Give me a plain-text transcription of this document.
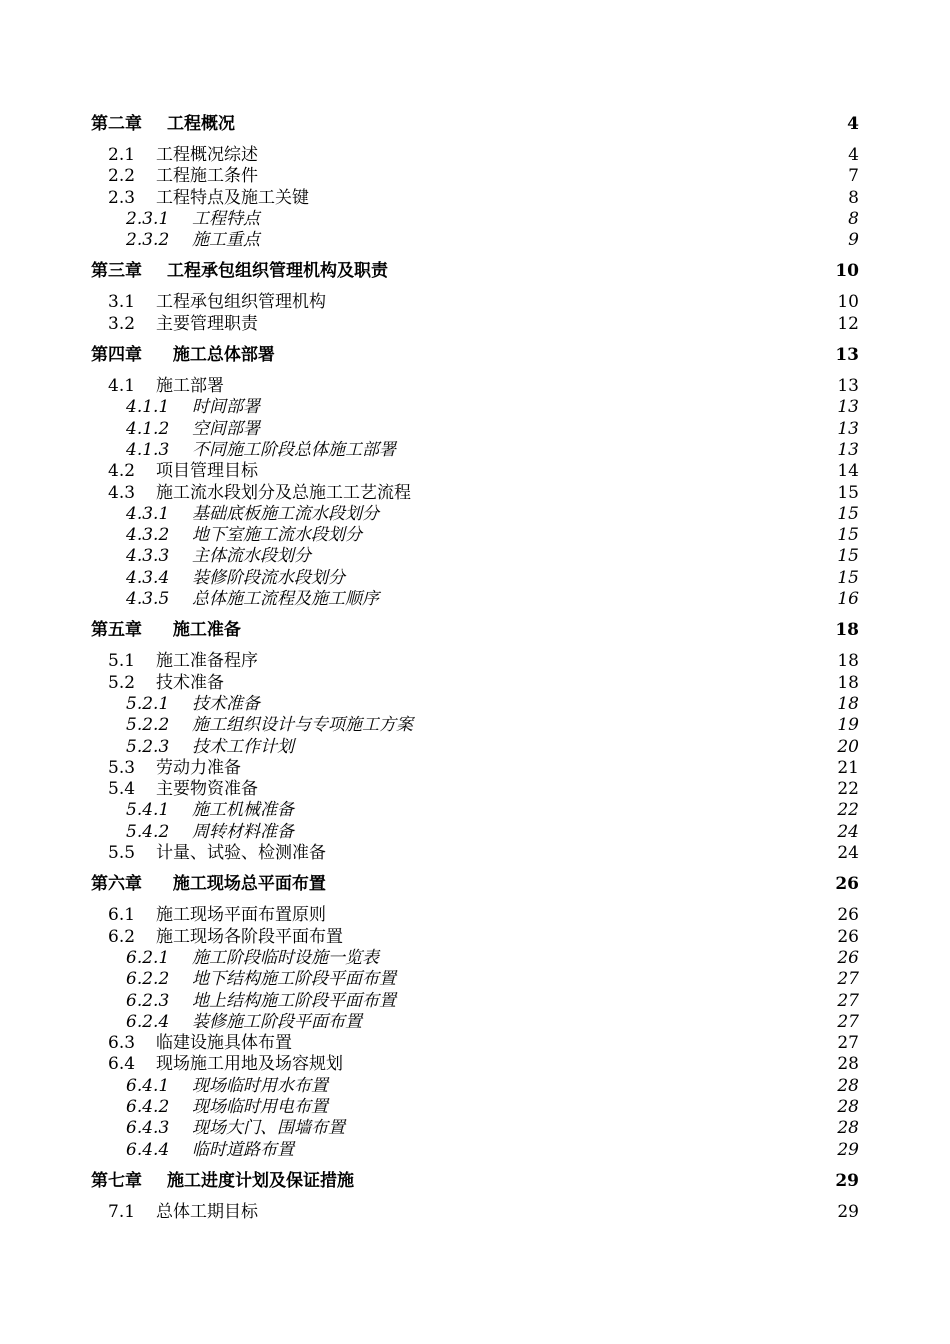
第二章 工程概况	4
2.1 工程概况综述	4
2.2 工程施工条件	7
2.3 工程特点及施工关键	8
2.3.1 工程特点	8
2.3.2 施工重点	9
第三章 工程承包组织管理机构及职责	10
3.1 工程承包组织管理机构	10
3.2 主要管理职责	12
第四章 施工总体部署	13
4.1 施工部署	13
4.1.1 时间部署	13
4.1.2 空间部署	13
4.1.3 不同施工阶段总体施工部署	13
4.2 项目管理目标	14
4.3 施工流水段划分及总施工工艺流程	15
4.3.1 基础底板施工流水段划分	15
4.3.2 地下室施工流水段划分	15
4.3.3 主体流水段划分	15
4.3.4 装修阶段流水段划分	15
4.3.5 总体施工流程及施工顺序	16
第五章 施工准备	18
5.1 施工准备程序	18
5.2 技术准备	18
5.2.1 技术准备	18
5.2.2 施工组织设计与专项施工方案	19
5.2.3 技术工作计划	20
5.3 劳动力准备	21
5.4 主要物资准备	22
5.4.1 施工机械准备	22
5.4.2 周转材料准备	24
5.5 计量、试验、检测准备	24
第六章 施工现场总平面布置	26
6.1 施工现场平面布置原则	26
6.2 施工现场各阶段平面布置	26
6.2.1 施工阶段临时设施一览表	26
6.2.2 地下结构施工阶段平面布置	27
6.2.3 地上结构施工阶段平面布置	27
6.2.4 装修施工阶段平面布置	27
6.3 临建设施具体布置	27
6.4 现场施工用地及场容规划	28
6.4.1 现场临时用水布置	28
6.4.2 现场临时用电布置	28
6.4.3 现场大门、围墙布置	28
6.4.4 临时道路布置	29
第七章 施工进度计划及保证措施	29
7.1 总体工期目标	29
